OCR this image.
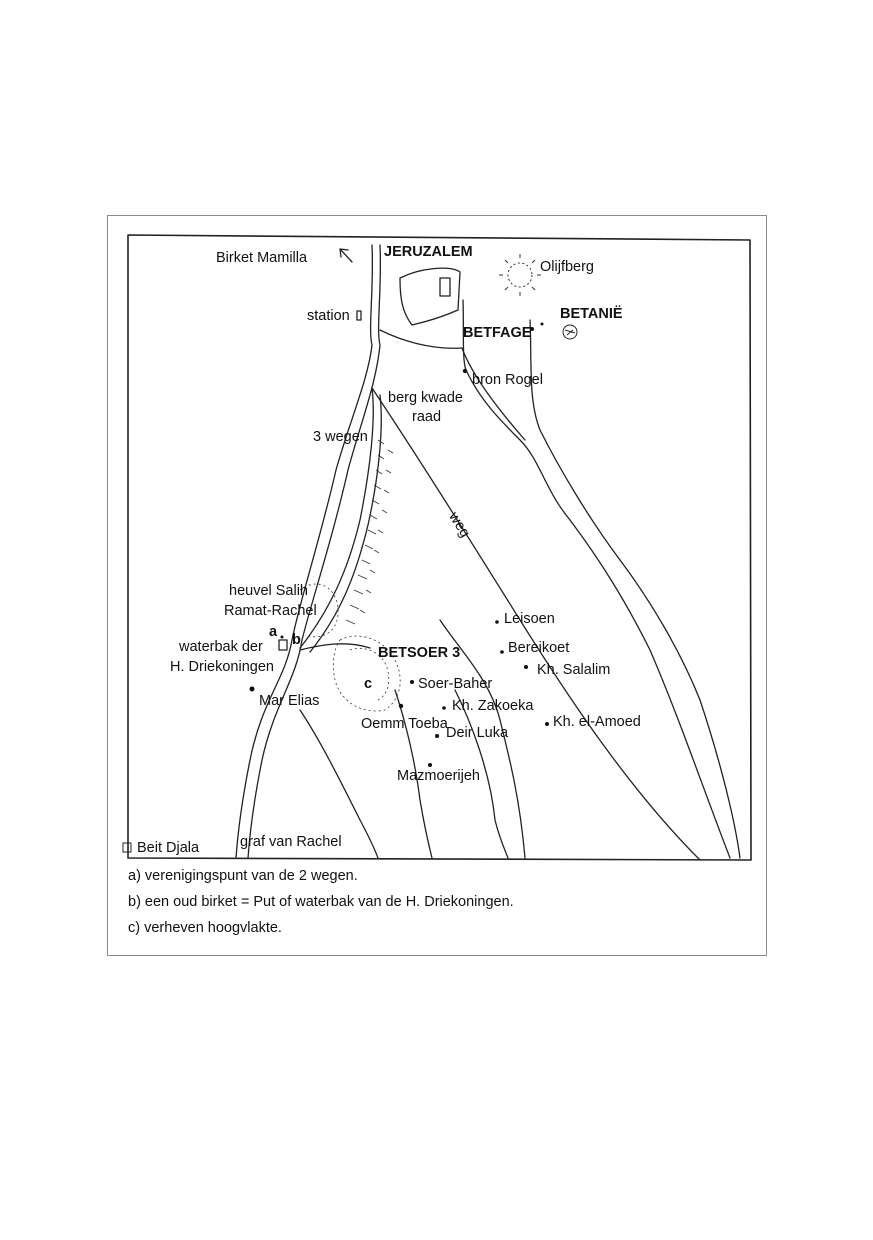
Birket Mamilla	JERUZALEM
Olijfberg
station	BETANIË
BETFAGE
bron Rogel
berg kwade
raad
3 wegen
weg
heuvel Salih
Ramat-Rachel
a b
waterbak der
H. Driekoningen
BETSOER 3
c	Soer-Baher
Mar Elias	Kh. Zakoeka
Oemm Toeba
Deir Luka
Mazmoerijeh
Leisoen
Bereikoet
Kh. Salalim
Kh. el-Amoed
Beit Djala	graf van Rachel
a) verenigingspunt van de 2 wegen.
b) een oud birket = Put of waterbak van de H. Driekoningen.
c) verheven hoogvlakte.
